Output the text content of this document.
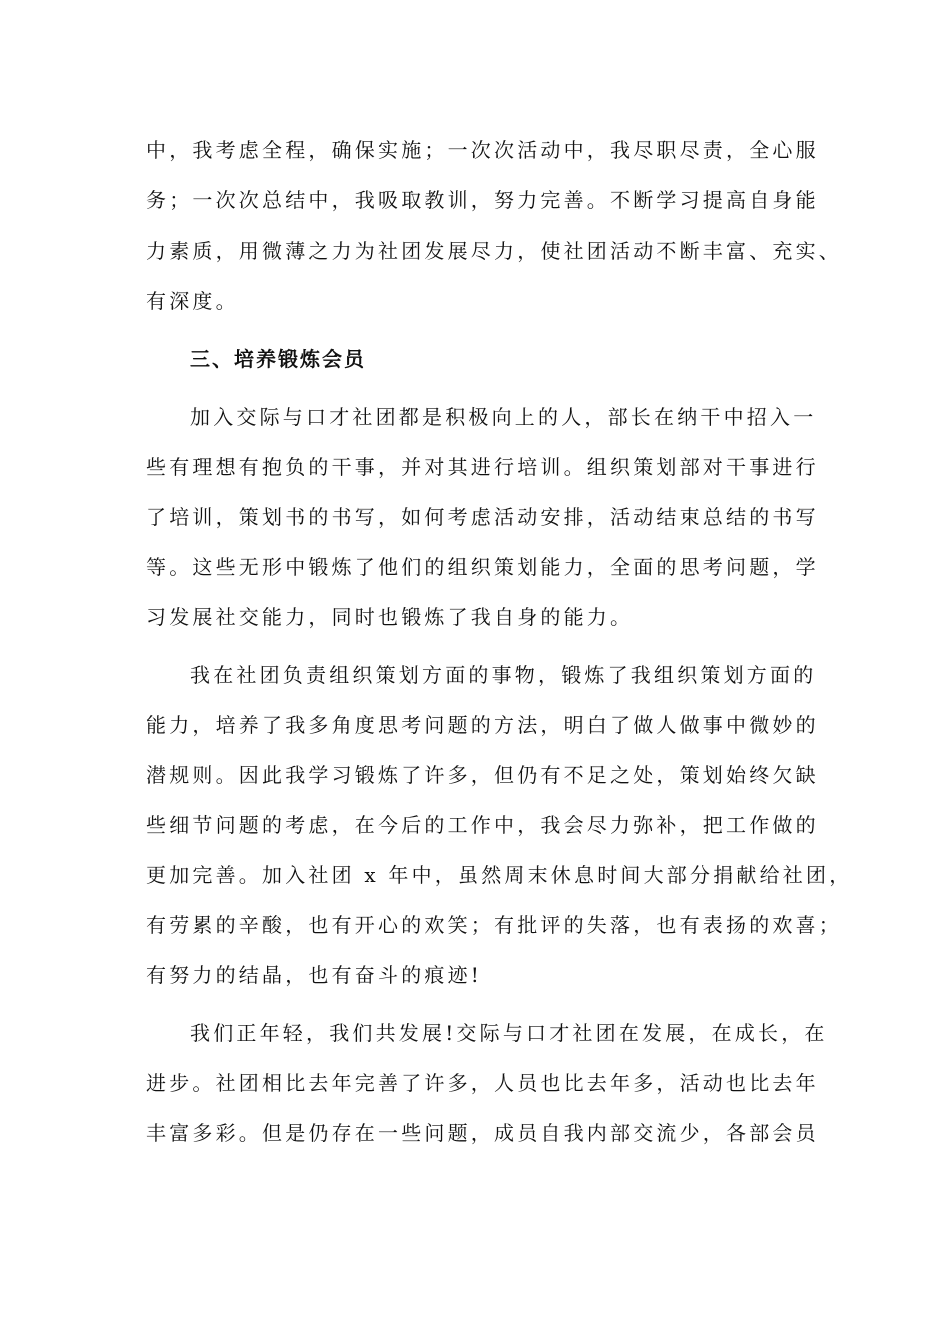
中，我考虑全程，确保实施；一次次活动中，我尽职尽责，全心服
务；一次次总结中，我吸取教训，努力完善。不断学习提高自身能
力素质，用微薄之力为社团发展尽力，使社团活动不断丰富、充实、
有深度。
三、培养锻炼会员
加入交际与口才社团都是积极向上的人，部长在纳干中招入一
些有理想有抱负的干事，并对其进行培训。组织策划部对干事进行
了培训，策划书的书写，如何考虑活动安排，活动结束总结的书写
等。这些无形中锻炼了他们的组织策划能力，全面的思考问题，学
习发展社交能力，同时也锻炼了我自身的能力。
我在社团负责组织策划方面的事物，锻炼了我组织策划方面的
能力，培养了我多角度思考问题的方法，明白了做人做事中微妙的
潜规则。因此我学习锻炼了许多，但仍有不足之处，策划始终欠缺
些细节问题的考虑，在今后的工作中，我会尽力弥补，把工作做的
更加完善。加入社团 x 年中，虽然周末休息时间大部分捐献给社团，
有劳累的辛酸，也有开心的欢笑；有批评的失落，也有表扬的欢喜；
有努力的结晶，也有奋斗的痕迹!
我们正年轻，我们共发展!交际与口才社团在发展，在成长，在
进步。社团相比去年完善了许多，人员也比去年多，活动也比去年
丰富多彩。但是仍存在一些问题，成员自我内部交流少，各部会员
